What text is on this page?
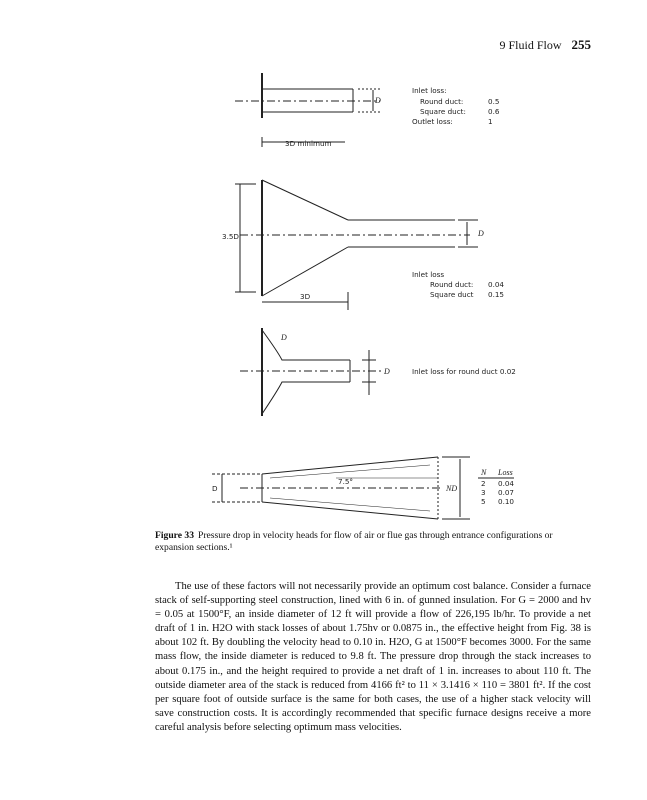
9 Fluid Flow 255
D
3D minimum
Inlet loss:
Round duct:	0.5
Square duct:	0.6
Outlet loss:	1
3.5D	D
3D
Inlet loss
Round duct: 0.04
Square duct 0.15
D
D	Inlet loss for round duct 0.02
D
7.5°
ND
N Loss
2 0.04
3 0.07
5 0.10
Figure 33 Pressure drop in velocity heads for flow of air or flue gas through entrance configurations or expansion sections.¹
The use of these factors will not necessarily provide an optimum cost balance. Consider a furnace stack of self-supporting steel construction, lined with 6 in. of gunned insulation. For G = 2000 and hv = 0.05 at 1500°F, an inside diameter of 12 ft will provide a flow of 226,195 lb/hr. To provide a net draft of 1 in. H2O with stack losses of about 1.75hv or 0.0875 in., the effective height from Fig. 38 is about 102 ft. By doubling the velocity head to 0.10 in. H2O, G at 1500°F becomes 3000. For the same mass flow, the inside diameter is reduced to 9.8 ft. The pressure drop through the stack increases to about 0.175 in., and the height required to provide a net draft of 1 in. increases to about 110 ft. The outside diameter area of the stack is reduced from 4166 ft² to 11 × 3.1416 × 110 = 3801 ft². If the cost per square foot of outside surface is the same for both cases, the use of a higher stack velocity will save construction costs. It is accordingly recommended that specific furnace designs receive a more careful analysis before selecting optimum mass velocities.
